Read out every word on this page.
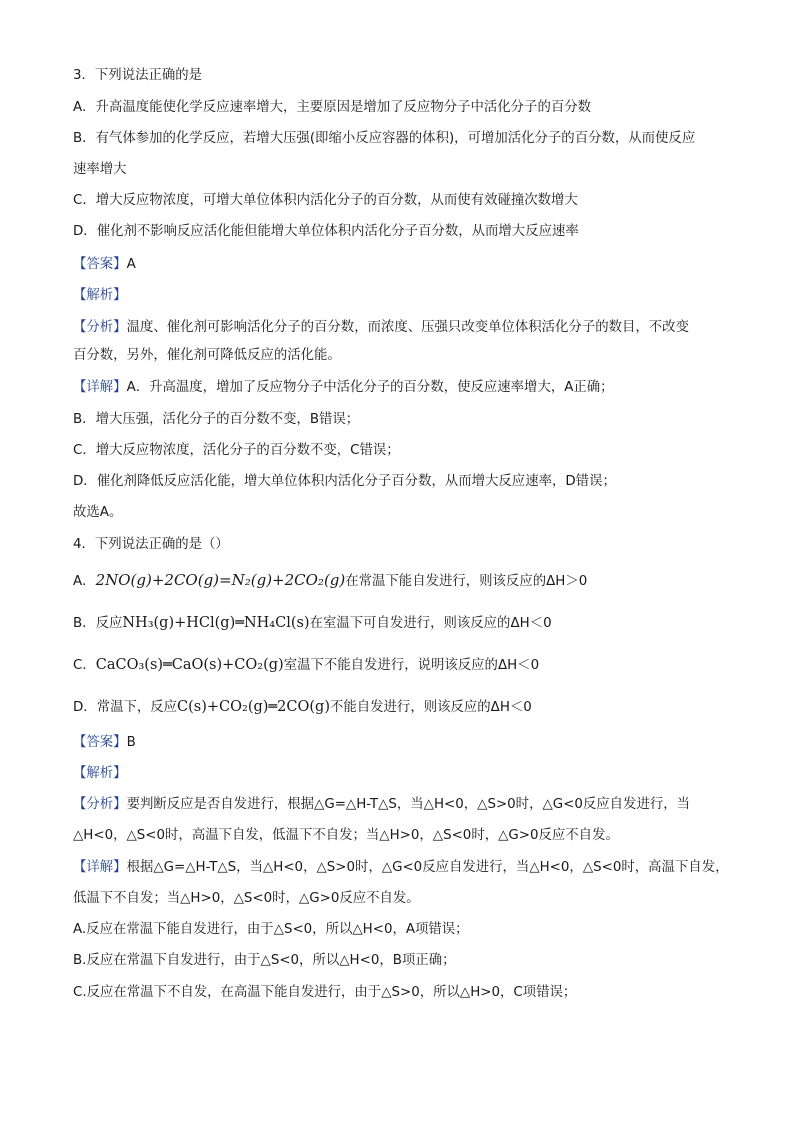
3．下列说法正确的是
A．升高温度能使化学反应速率增大，主要原因是增加了反应物分子中活化分子的百分数
B．有气体参加的化学反应，若增大压强(即缩小反应容器的体积)，可增加活化分子的百分数，从而使反应
速率增大
C．增大反应物浓度，可增大单位体积内活化分子的百分数，从而使有效碰撞次数增大
D．催化剂不影响反应活化能但能增大单位体积内活化分子百分数，从而增大反应速率
【答案】A
【解析】
【分析】温度、催化剂可影响活化分子的百分数，而浓度、压强只改变单位体积活化分子的数目，不改变
百分数，另外，催化剂可降低反应的活化能。
【详解】A．升高温度，增加了反应物分子中活化分子的百分数，使反应速率增大，A正确；
B．增大压强，活化分子的百分数不变，B错误；
C．增大反应物浓度，活化分子的百分数不变，C错误；
D．催化剂降低反应活化能，增大单位体积内活化分子百分数，从而增大反应速率，D错误；
故选A。
4．下列说法正确的是（）
A．2NO(g)+2CO(g)=N₂(g)+2CO₂(g)在常温下能自发进行，则该反应的ΔH＞0
B．反应NH₃(g)+HCl(g)═NH₄Cl(s)在室温下可自发进行，则该反应的ΔH＜0
C．CaCO₃(s)═CaO(s)+CO₂(g)室温下不能自发进行，说明该反应的ΔH＜0
D．常温下，反应C(s)+CO₂(g)═2CO(g)不能自发进行，则该反应的ΔH＜0
【答案】B
【解析】
【分析】要判断反应是否自发进行，根据△G=△H-T△S，当△H<0，△S>0时，△G<0反应自发进行，当
△H<0，△S<0时，高温下自发，低温下不自发；当△H>0，△S<0时，△G>0反应不自发。
【详解】根据△G=△H-T△S，当△H<0，△S>0时，△G<0反应自发进行，当△H<0，△S<0时，高温下自发，
低温下不自发；当△H>0，△S<0时，△G>0反应不自发。
A.反应在常温下能自发进行，由于△S<0，所以△H<0，A项错误；
B.反应在常温下自发进行，由于△S<0，所以△H<0，B项正确；
C.反应在常温下不自发，在高温下能自发进行，由于△S>0，所以△H>0，C项错误；
